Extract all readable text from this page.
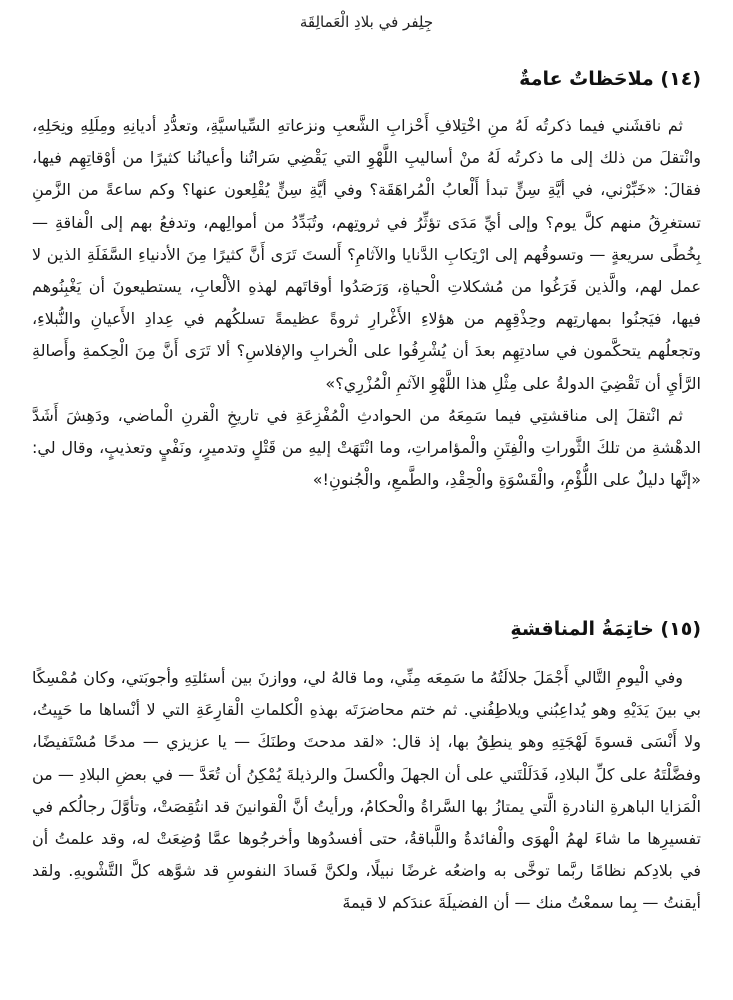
جِلِفر في بلادِ الْعَمالِقَة
(١٤) ملاحَظاتٌ عامةٌ

ثم ناقشَني فيما ذكرتُه لَهُ منِ اخْتِلافِ أَحْزابِ الشَّعبِ ونزعاتهِ السِّياسيَّةِ، وتعدُّدِ أديانِهِ ومِلَلِهِ ونِحَلِهِ، وانْتقلَ من ذلك إلى ما ذكرتُه لَهُ منْ أساليبِ اللَّهْوِ التي يَقْضِي سَراتُنا وأعيانُنا كثيرًا من أوْقاتِهِم فيها، فقالَ: «خَبِّرْني، في أيَّةِ سِنٍّ تبدأ أَلْعابُ الْمُراهَقَة؟ وفي أيَّةِ سِنٍّ يُقْلِعون عنها؟ وكم ساعةً من الزَّمنِ تستغرِقُ منهم كلَّ يوم؟ وإلى أيِّ مَدَى تؤثِّرُ في ثروتِهم، وتُبَدِّدُ من أموالِهم، وتدفعُ بهم إلى الْفاقةِ — بِخُطًى سريعةٍ — وتسوقُهم إلى ارْتِكابِ الدَّنايا والآثامِ؟ أَلستَ تَرَى أَنَّ كثيرًا مِنَ الأدنياءِ السَّفَلَةِ الذين لا عمل لهم، والَّذين فَرَغُوا من مُشكلاتِ الْحياةِ، وَرَصَدُوا أوقاتَهم لهذهِ الألْعابِ، يستطيعونَ أن يَغْبِنُوهم فيها، فيَجنُوا بمهارتِهم وحِذْقِهِم من هؤلاءِ الأَغْرارِ ثروةً عظيمةً تسلكُهم في عِدادِ الأَعيانِ والنُّبلاءِ، وتجعلُهم يتحكَّمون في سادتِهِم بعدَ أن يُشْرِفُوا على الْخرابِ والإفلاسِ؟ ألا تَرَى أَنَّ مِنَ الْحِكمةِ وأَصالةِ الرَّأيِ أن تَقْضِيَ الدولةُ على مِثْلِ هذا اللَّهْوِ الآثمِ الْمُزْرِي؟»

ثم انْتقلَ إلى مناقشتِي فيما سَمِعَهُ من الحوادثِ الْمُفْزِعَةِ في تاريخِ الْقرنِ الْماضي، ودَهِشَ أَشَدَّ الدهْشةِ من تلكَ الثَّوراتِ والْفِتَنِ والْمؤامراتِ، وما انْتَهَتْ إليهِ من قَتْلٍ وتدميرٍ، ونَفْيٍ وتعذيبٍ، وقال لي: «إنَّها دليلٌ على اللُّؤْمِ، والْقَسْوَةِ والْحِقْدِ، والطَّمعِ، والْجُنونِ!»

(١٥) خاتِمَةُ المناقشةِ

وفي الْيومِ التَّالي أَجْمَلَ جلالَتُهُ ما سَمِعَه مِنِّي، وما قالهُ لي، ووازنَ بين أسئلتِهِ وأجوبَتي، وكان مُمْسِكًا بي بينَ يَدَيْهِ وهو يُداعِبُني ويلاطِفُني. ثم ختم محاضرَتَه بهذهِ الْكلماتِ الْقارِعَةِ التي لا أنْساها ما حَيِيتُ، ولا أَنْسَى قسوةَ لَهْجَتِهِ وهو ينطِقُ بها، إذ قال: «لقد مدحتَ وطنَكَ — يا عزيزي — مدحًا مُسْتَفيضًا، وفضَّلْتَهُ على كلِّ البلادِ، فَدَلَلْتَني على أن الجهلَ والْكسلَ والرذيلةَ يُمْكِنُ أن تُعَدَّ — في بعضِ البلادِ — من الْمَزايا الباهرةِ النادرةِ الَّتي يمتازُ بها السَّراةُ والْحكامُ، ورأيتُ أنَّ الْقوانينَ قد انتُقِصَتْ، وتأوَّلَ رجالُكم في تفسيرِها ما شاءَ لهمُ الْهوَى والْفائدةُ واللَّباقةُ، حتى أفسدُوها وأخرجُوها عمَّا وُضِعَتْ له، وقد علمتُ أن في بلادِكم نظامًا ربَّما توخَّى به واضعُه غرضًا نبيلًا، ولكنَّ فَسادَ النفوسِ قد شوَّهه كلَّ التَّشْويهِ. ولقد أيقنتُ — بِما سمعْتُ منك — أن الفضيلَةَ عندَكم لا قيمةَ
